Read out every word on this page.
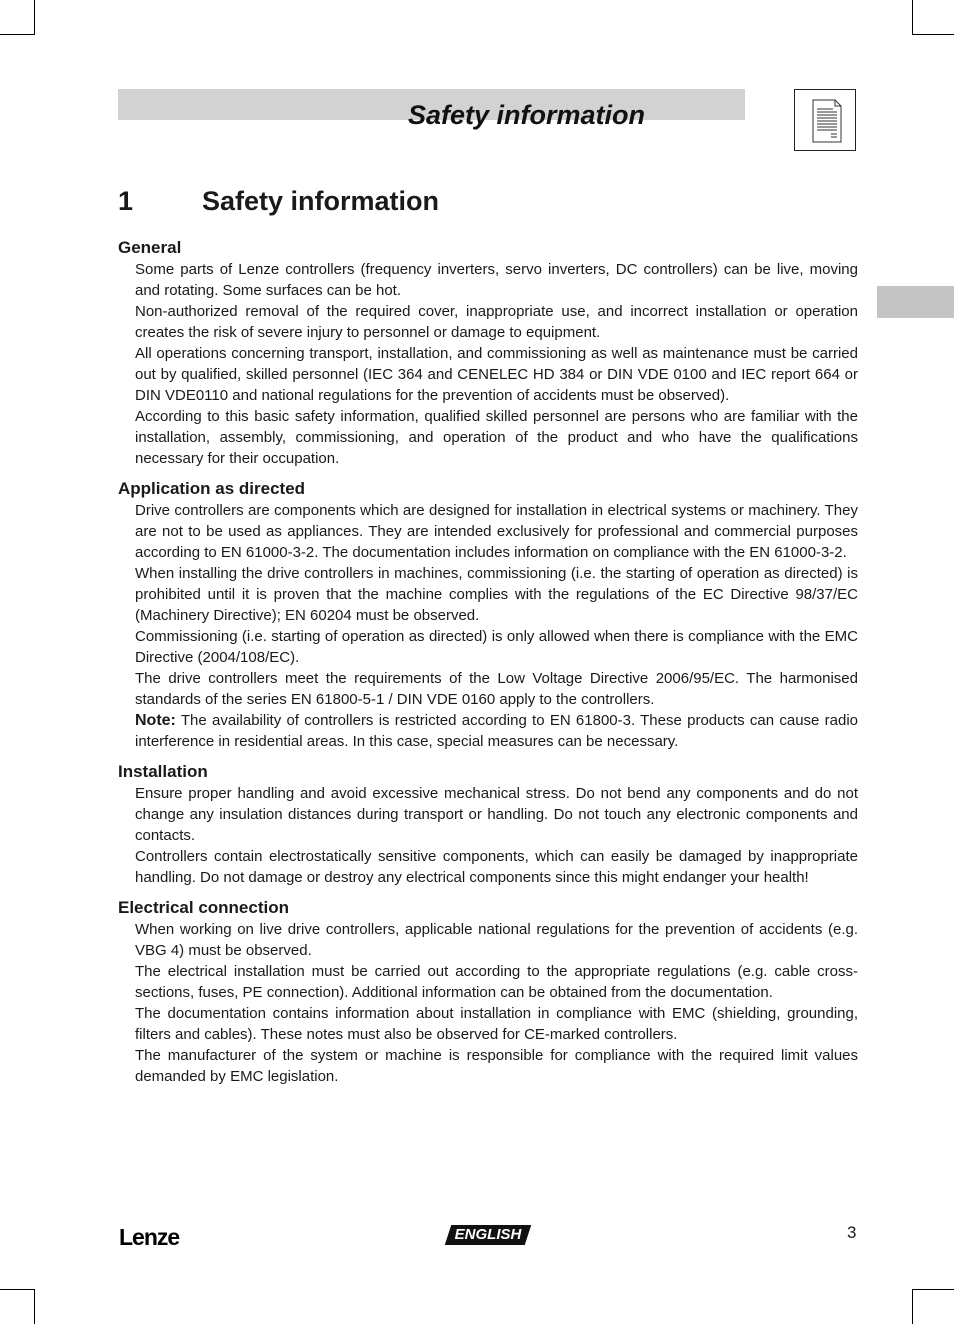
Safety information
1	Safety information

General

Some parts of Lenze controllers (frequency inverters, servo inverters, DC controllers) can be live, moving and rotating. Some surfaces can be hot.

Non-authorized removal of the required cover, inappropriate use, and incorrect installation or operation creates the risk of severe injury to personnel or damage to equipment.

All operations concerning transport, installation, and commissioning as well as maintenance must be carried out by qualified, skilled personnel (IEC 364 and CENELEC HD 384 or DIN VDE 0100 and IEC report 664 or DIN VDE0110 and national regulations for the prevention of accidents must be observed).

According to this basic safety information, qualified skilled personnel are persons who are familiar with the installation, assembly, commissioning, and operation of the product and who have the qualifications necessary for their occupation.

Application as directed

Drive controllers are components which are designed for installation in electrical systems or machinery. They are not to be used as appliances. They are intended exclusively for professional and commercial purposes according to EN 61000-3-2. The documentation includes information on compliance with the EN 61000-3-2.

When installing the drive controllers in machines, commissioning (i.e. the starting of operation as directed) is prohibited until it is proven that the machine complies with the regulations of the EC Directive 98/37/EC (Machinery Directive); EN 60204 must be observed.

Commissioning (i.e. starting of operation as directed) is only allowed when there is compliance with the EMC Directive (2004/108/EC).

The drive controllers meet the requirements of the Low Voltage Directive 2006/95/EC. The harmonised standards of the series EN 61800-5-1 / DIN VDE 0160 apply to the controllers.

Note: The availability of controllers is restricted according to EN 61800-3. These products can cause radio interference in residential areas. In this case, special measures can be necessary.

Installation

Ensure proper handling and avoid excessive mechanical stress. Do not bend any components and do not change any insulation distances during transport or handling. Do not touch any electronic components and contacts.

Controllers contain electrostatically sensitive components, which can easily be damaged by inappropriate handling. Do not damage or destroy any electrical components since this might endanger your health!

Electrical connection

When working on live drive controllers, applicable national regulations for the prevention of accidents (e.g. VBG 4) must be observed.

The electrical installation must be carried out according to the appropriate regulations (e.g. cable cross-sections, fuses, PE connection). Additional information can be obtained from the documentation.

The documentation contains information about installation in compliance with EMC (shielding, grounding, filters and cables). These notes must also be observed for CE-marked controllers.

The manufacturer of the system or machine is responsible for compliance with the required limit values demanded by EMC legislation.

Lenze	ENGLISH	3
